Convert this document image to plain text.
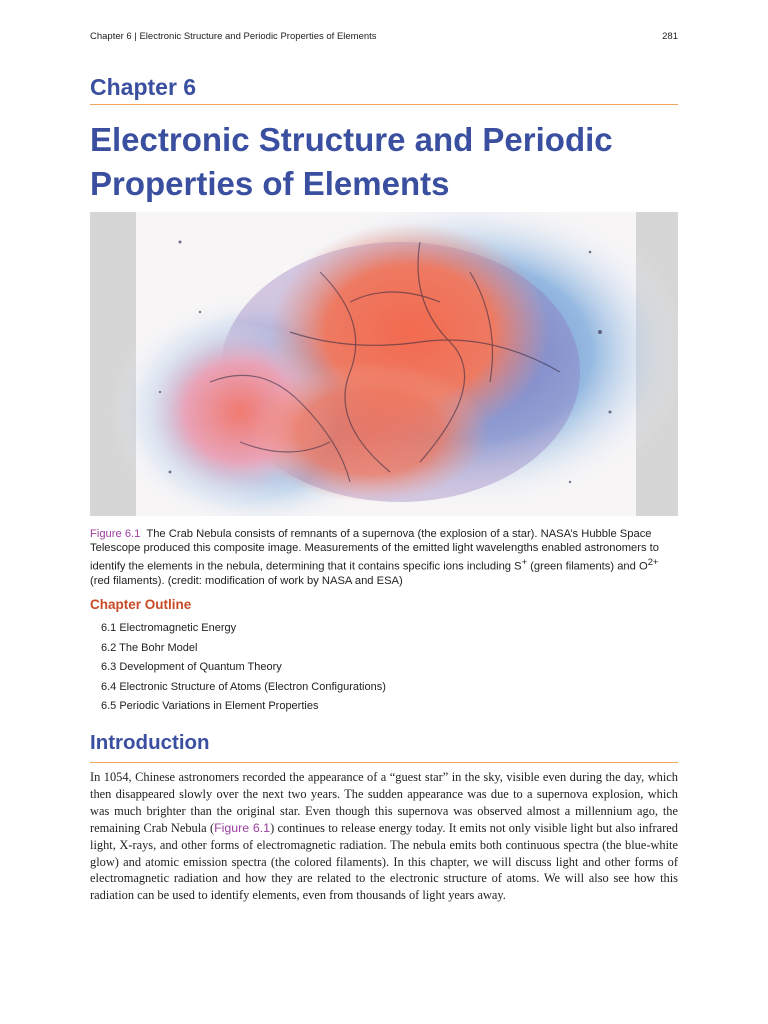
Chapter 6 | Electronic Structure and Periodic Properties of Elements	281
Chapter 6
Electronic Structure and Periodic Properties of Elements
Figure 6.1 The Crab Nebula consists of remnants of a supernova (the explosion of a star). NASA’s Hubble Space Telescope produced this composite image. Measurements of the emitted light wavelengths enabled astronomers to identify the elements in the nebula, determining that it contains specific ions including S+ (green filaments) and $O^{2+}$ (red filaments). (credit: modification of work by NASA and ESA)
Chapter Outline
6.1 Electromagnetic Energy
6.2 The Bohr Model
6.3 Development of Quantum Theory
6.4 Electronic Structure of Atoms (Electron Configurations)
6.5 Periodic Variations in Element Properties
Introduction
In 1054, Chinese astronomers recorded the appearance of a “guest star” in the sky, visible even during the day, which then disappeared slowly over the next two years. The sudden appearance was due to a supernova explosion, which was much brighter than the original star. Even though this supernova was observed almost a millennium ago, the remaining Crab Nebula (Figure 6.1) continues to release energy today. It emits not only visible light but also infrared light, X-rays, and other forms of electromagnetic radiation. The nebula emits both continuous spectra (the blue-white glow) and atomic emission spectra (the colored filaments). In this chapter, we will discuss light and other forms of electromagnetic radiation and how they are related to the electronic structure of atoms. We will also see how this radiation can be used to identify elements, even from thousands of light years away.
